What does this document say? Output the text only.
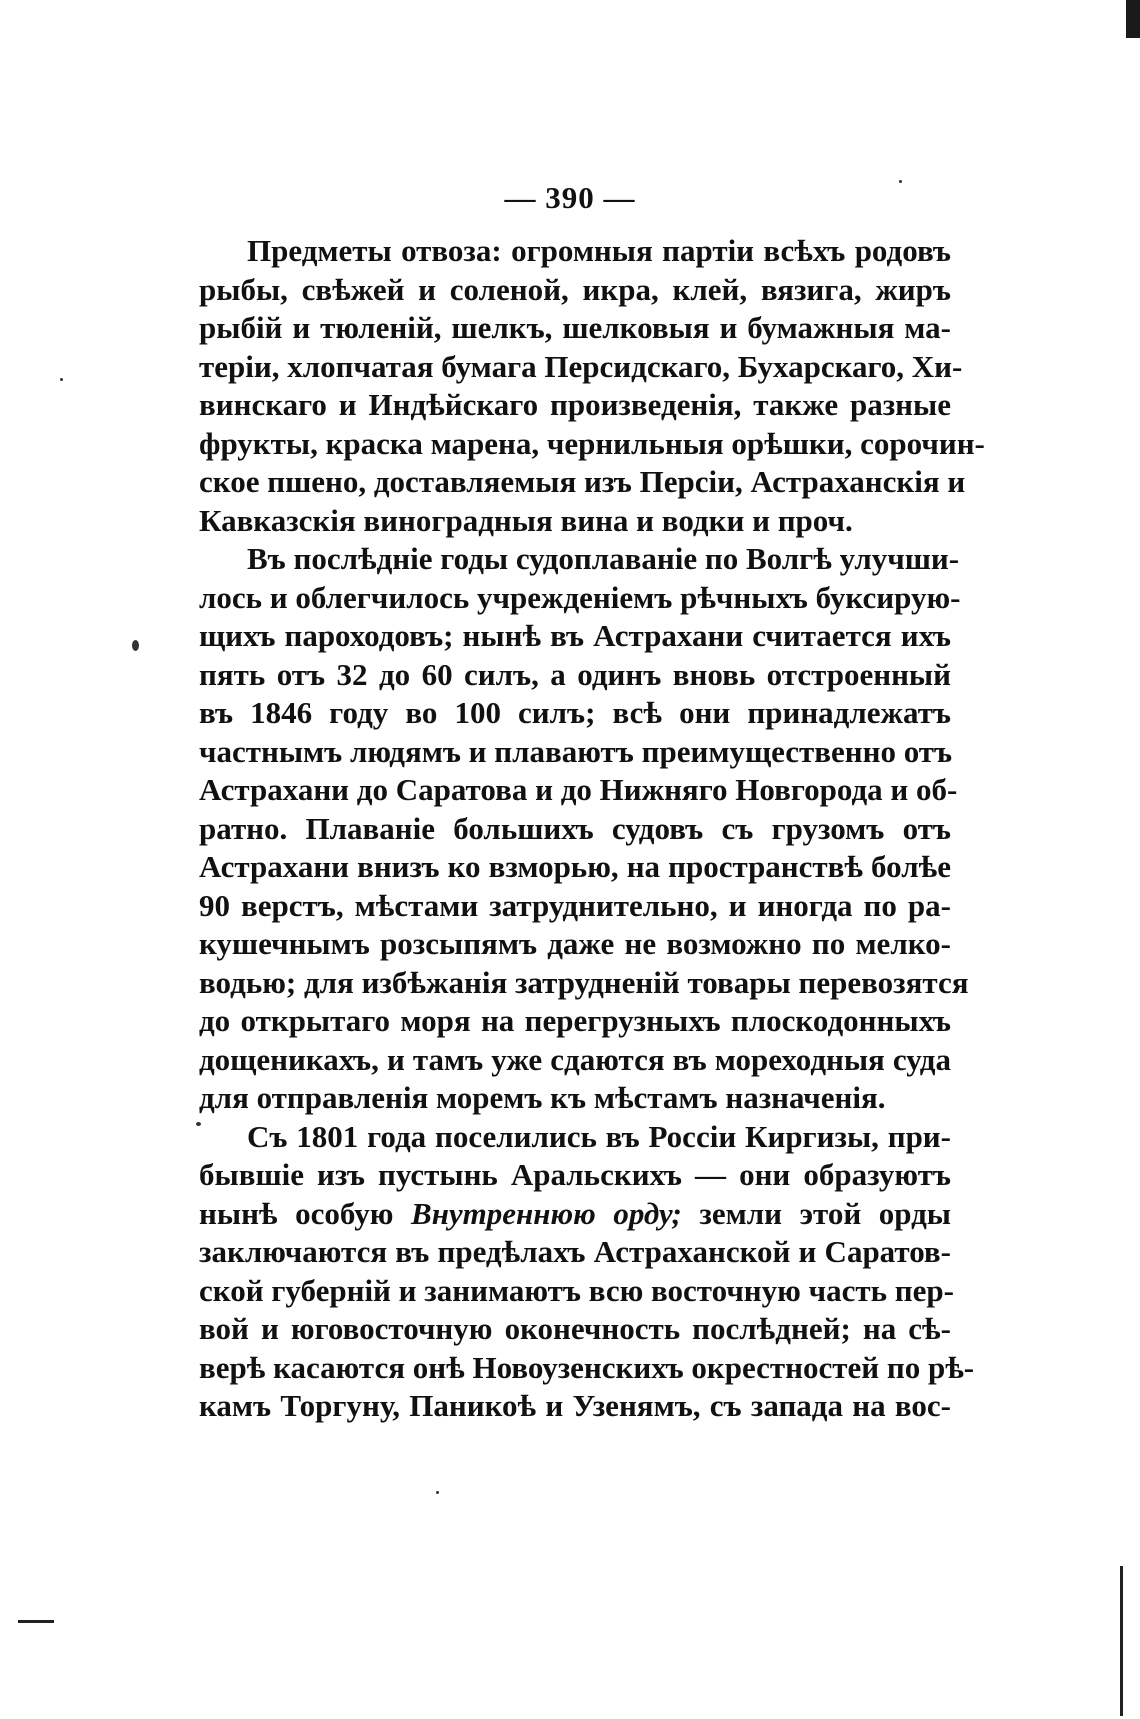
— 390 —
Предметы отвоза: огромныя партіи всѣхъ родовъ
рыбы, свѣжей и соленой, икра, клей, вязига, жиръ
рыбій и тюленій, шелкъ, шелковыя и бумажныя ма-
теріи, хлопчатая бумага Персидскаго, Бухарскаго, Хи-
винскаго и Индѣйскаго произведенія, также разные
фрукты, краска марена, чернильныя орѣшки, сорочин-
ское пшено, доставляемыя изъ Персіи, Астраханскія и
Кавказскія виноградныя вина и водки и проч.
Въ послѣдніе годы судоплаваніе по Волгѣ улучши-
лось и облегчилось учрежденіемъ рѣчныхъ буксирую-
щихъ пароходовъ; нынѣ въ Астрахани считается ихъ
пять отъ 32 до 60 силъ, а одинъ вновь отстроенный
въ 1846 году во 100 силъ; всѣ они принадлежатъ
частнымъ людямъ и плаваютъ преимущественно отъ
Астрахани до Саратова и до Нижняго Новгорода и об-
ратно. Плаваніе большихъ судовъ съ грузомъ отъ
Астрахани внизъ ко взморью, на пространствѣ болѣе
90 верстъ, мѣстами затруднительно, и иногда по ра-
кушечнымъ розсыпямъ даже не возможно по мелко-
водью; для избѣжанія затрудненій товары перевозятся
до открытаго моря на перегрузныхъ плоскодонныхъ
дощеникахъ, и тамъ уже сдаются въ мореходныя суда
для отправленія моремъ къ мѣстамъ назначенія.
Съ 1801 года поселились въ Россіи Киргизы, при-
бывшіе изъ пустынь Аральскихъ — они образуютъ
нынѣ особую Внутреннюю орду; земли этой орды
заключаются въ предѣлахъ Астраханской и Саратов-
ской губерній и занимаютъ всю восточную часть пер-
вой и юговосточную оконечность послѣдней; на сѣ-
верѣ касаются онѣ Новоузенскихъ окрестностей по рѣ-
камъ Торгуну, Паникоѣ и Узенямъ, съ запада на вос-
